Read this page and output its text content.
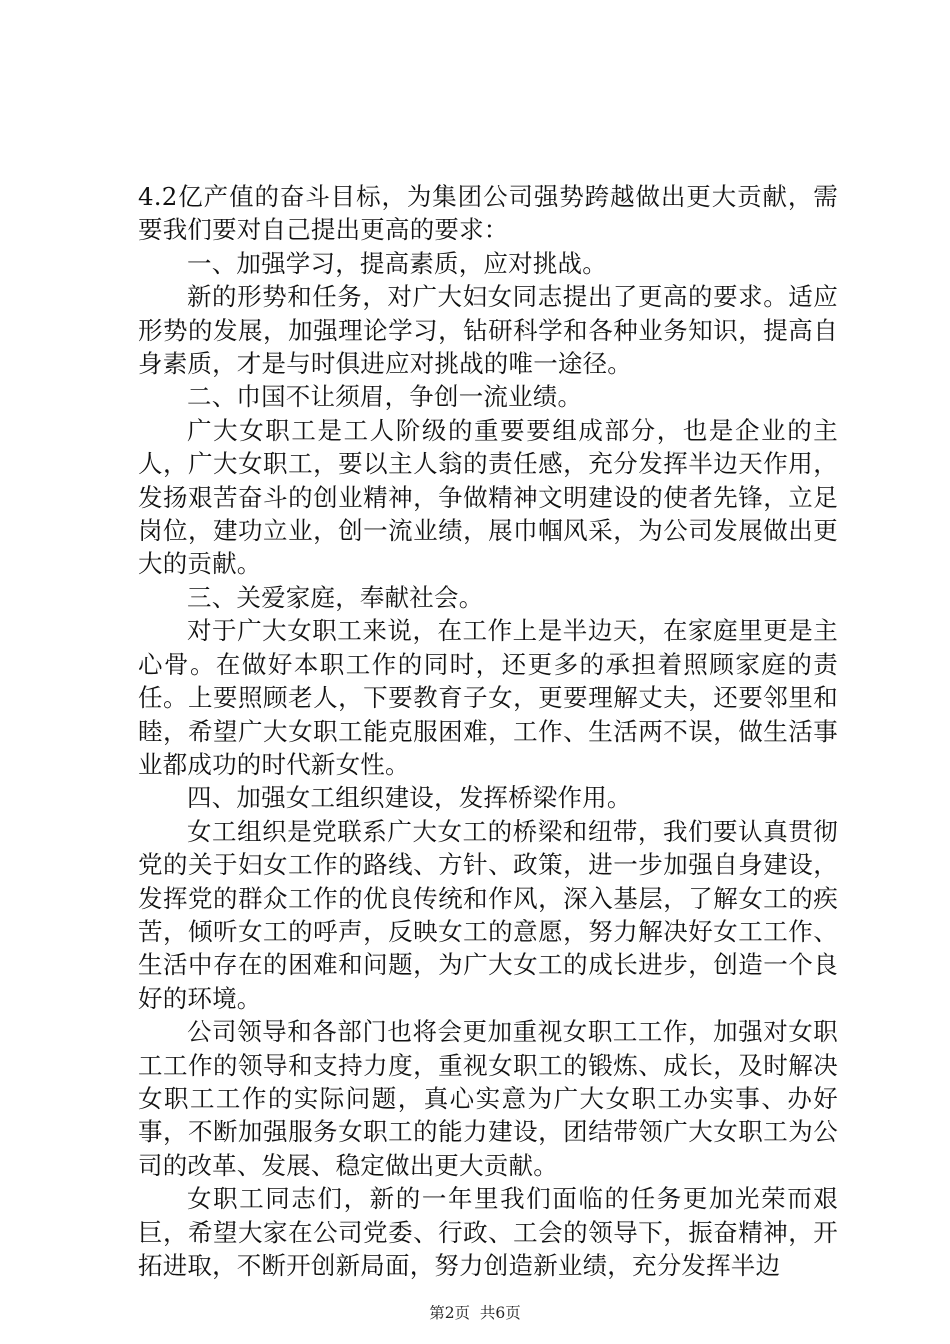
4.2亿产值的奋斗目标，为集团公司强势跨越做出更大贡献，需要我们要对自己提出更高的要求：

一、加强学习，提高素质，应对挑战。

新的形势和任务，对广大妇女同志提出了更高的要求。适应形势的发展，加强理论学习，钻研科学和各种业务知识，提高自身素质，才是与时俱进应对挑战的唯一途径。

二、巾国不让须眉，争创一流业绩。

广大女职工是工人阶级的重要要组成部分，也是企业的主人，广大女职工，要以主人翁的责任感，充分发挥半边天作用，发扬艰苦奋斗的创业精神，争做精神文明建设的使者先锋，立足岗位，建功立业，创一流业绩，展巾帼风采，为公司发展做出更大的贡献。

三、关爱家庭，奉献社会。

对于广大女职工来说，在工作上是半边天，在家庭里更是主心骨。在做好本职工作的同时，还更多的承担着照顾家庭的责任。上要照顾老人，下要教育子女，更要理解丈夫，还要邻里和睦，希望广大女职工能克服困难，工作、生活两不误，做生活事业都成功的时代新女性。

四、加强女工组织建设，发挥桥梁作用。

女工组织是党联系广大女工的桥梁和纽带，我们要认真贯彻党的关于妇女工作的路线、方针、政策，进一步加强自身建设，发挥党的群众工作的优良传统和作风，深入基层，了解女工的疾苦，倾听女工的呼声，反映女工的意愿，努力解决好女工工作、生活中存在的困难和问题，为广大女工的成长进步，创造一个良好的环境。

公司领导和各部门也将会更加重视女职工工作，加强对女职工工作的领导和支持力度，重视女职工的锻炼、成长，及时解决女职工工作的实际问题，真心实意为广大女职工办实事、办好事，不断加强服务女职工的能力建设，团结带领广大女职工为公司的改革、发展、稳定做出更大贡献。

女职工同志们，新的一年里我们面临的任务更加光荣而艰巨，希望大家在公司党委、行政、工会的领导下，振奋精神，开拓进取，不断开创新局面，努力创造新业绩，充分发挥半边

第2页 共6页
